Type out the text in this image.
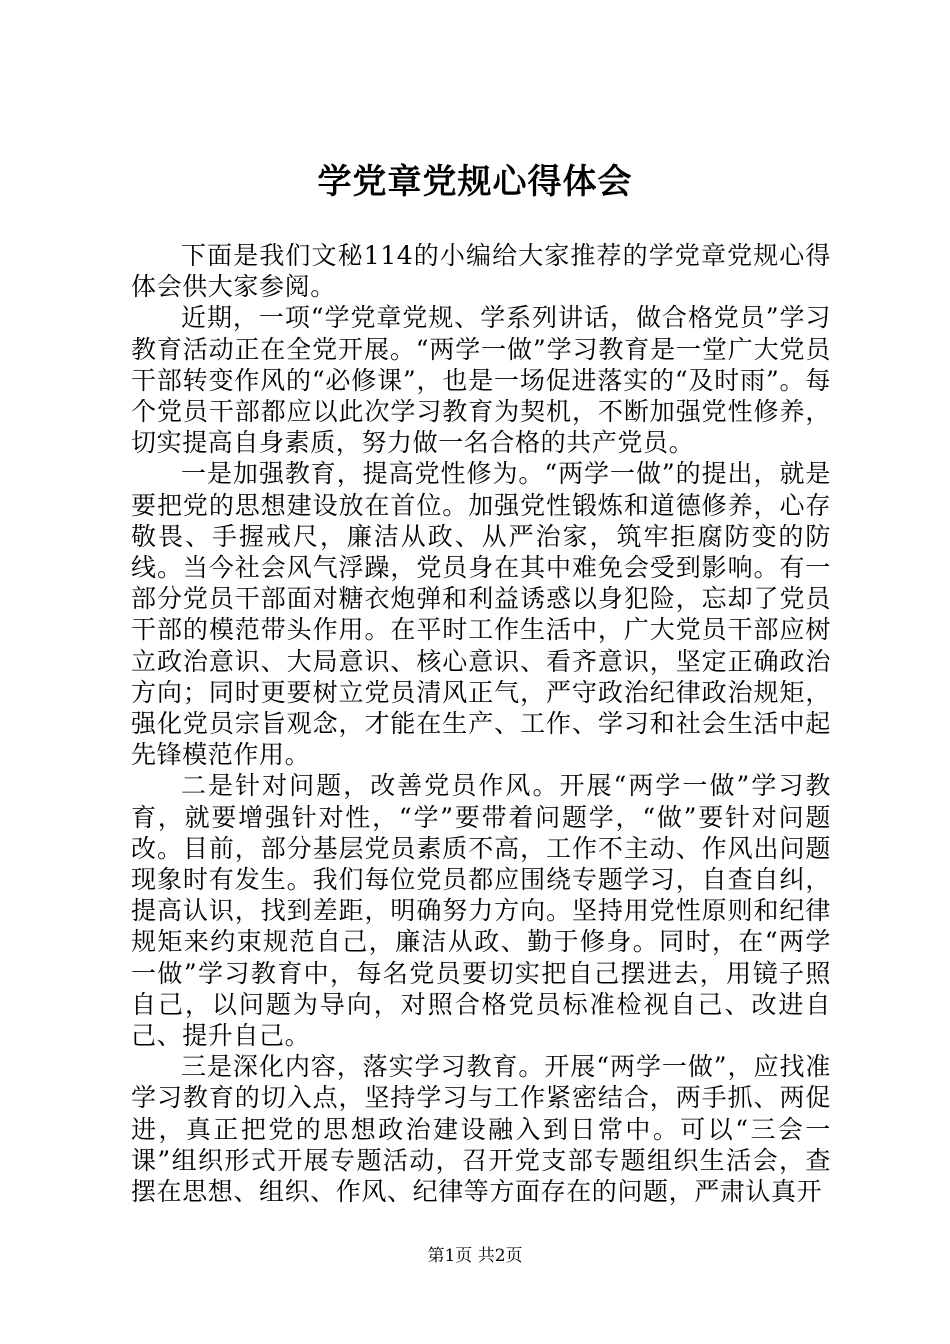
学党章党规心得体会

下面是我们文秘114的小编给大家推荐的学党章党规心得体会供大家参阅。

近期，一项“学党章党规、学系列讲话，做合格党员”学习教育活动正在全党开展。“两学一做”学习教育是一堂广大党员干部转变作风的“必修课”，也是一场促进落实的“及时雨”。每个党员干部都应以此次学习教育为契机，不断加强党性修养，切实提高自身素质，努力做一名合格的共产党员。

一是加强教育，提高党性修为。“两学一做”的提出，就是要把党的思想建设放在首位。加强党性锻炼和道德修养，心存敬畏、手握戒尺，廉洁从政、从严治家，筑牢拒腐防变的防线。当今社会风气浮躁，党员身在其中难免会受到影响。有一部分党员干部面对糖衣炮弹和利益诱惑以身犯险，忘却了党员干部的模范带头作用。在平时工作生活中，广大党员干部应树立政治意识、大局意识、核心意识、看齐意识，坚定正确政治方向；同时更要树立党员清风正气，严守政治纪律政治规矩，强化党员宗旨观念，才能在生产、工作、学习和社会生活中起先锋模范作用。

二是针对问题，改善党员作风。开展“两学一做”学习教育，就要增强针对性，“学”要带着问题学，“做”要针对问题改。目前，部分基层党员素质不高，工作不主动、作风出问题现象时有发生。我们每位党员都应围绕专题学习，自查自纠，提高认识，找到差距，明确努力方向。坚持用党性原则和纪律规矩来约束规范自己，廉洁从政、勤于修身。同时，在“两学一做”学习教育中，每名党员要切实把自己摆进去，用镜子照自己，以问题为导向，对照合格党员标准检视自己、改进自己、提升自己。

三是深化内容，落实学习教育。开展“两学一做”，应找准学习教育的切入点，坚持学习与工作紧密结合，两手抓、两促进，真正把党的思想政治建设融入到日常中。可以“三会一课”组织形式开展专题活动，召开党支部专题组织生活会，查摆在思想、组织、作风、纪律等方面存在的问题，严肃认真开

第1页 共2页
